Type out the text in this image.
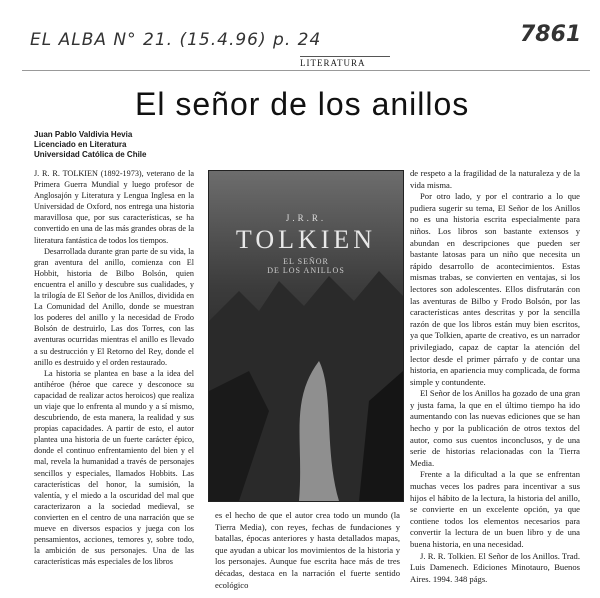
EL ALBA N° 21. (15.4.96) p. 24	7861
LITERATURA
El señor de los anillos
Juan Pablo Valdivia Hevia
Licenciado en Literatura
Universidad Católica de Chile

J. R. R. TOLKIEN (1892-1973), veterano de la Primera Guerra Mundial y luego profesor de Anglosajón y Literatura y Lengua Inglesa en la Universidad de Oxford, nos entrega una historia maravillosa que, por sus características, se ha convertido en una de las más grandes obras de la literatura fantástica de todos los tiempos.

Desarrollada durante gran parte de su vida, la gran aventura del anillo, comienza con El Hobbit, historia de Bilbo Bolsón, quien encuentra el anillo y descubre sus cualidades, y la trilogía de El Señor de los Anillos, dividida en La Comunidad del Anillo, donde se muestran los poderes del anillo y la necesidad de Frodo Bolsón de destruirlo, Las dos Torres, con las aventuras ocurridas mientras el anillo es llevado a su destrucción y El Retorno del Rey, donde el anillo es destruido y el orden restaurado.

La historia se plantea en base a la idea del antihéroe (héroe que carece y desconoce su capacidad de realizar actos heroicos) que realiza un viaje que lo enfrenta al mundo y a sí mismo, descubriendo, de esta manera, la realidad y sus propias capacidades. A partir de esto, el autor plantea una historia de un fuerte carácter épico, donde el continuo enfrentamiento del bien y el mal, revela la humanidad a través de personajes sencillos y especiales, llamados Hobbits. Las características del honor, la sumisión, la valentía, y el miedo a la oscuridad del mal que caracterizaron a la sociedad medieval, se convierten en el centro de una narración que se mueve en diversos espacios y juega con los pensamientos, acciones, temores y, sobre todo, la ambición de sus personajes. Una de las características más especiales de los libros

J.R.R.
TOLKIEN
EL SEÑOR
DE LOS ANILLOS

es el hecho de que el autor crea todo un mundo (la Tierra Media), con reyes, fechas de fundaciones y batallas, épocas anteriores y hasta detallados mapas, que ayudan a ubicar los movimientos de la historia y los personajes. Aunque fue escrita hace más de tres décadas, destaca en la narración el fuerte sentido ecológico

de respeto a la fragilidad de la naturaleza y de la vida misma.

Por otro lado, y por el contrario a lo que pudiera sugerir su tema, El Señor de los Anillos no es una historia escrita especialmente para niños. Los libros son bastante extensos y abundan en descripciones que pueden ser bastante latosas para un niño que necesita un rápido desarrollo de acontecimientos. Estas mismas trabas, se convierten en ventajas, si los lectores son adolescentes. Ellos disfrutarán con las aventuras de Bilbo y Frodo Bolsón, por las características antes descritas y por la sencilla razón de que los libros están muy bien escritos, ya que Tolkien, aparte de creativo, es un narrador privilegiado, capaz de captar la atención del lector desde el primer párrafo y de contar una historia, en apariencia muy complicada, de forma simple y contundente.

El Señor de los Anillos ha gozado de una gran y justa fama, la que en el último tiempo ha ido aumentando con las nuevas ediciones que se han hecho y por la publicación de otros textos del autor, como sus cuentos inconclusos, y de una serie de historias relacionadas con la Tierra Media.

Frente a la dificultad a la que se enfrentan muchas veces los padres para incentivar a sus hijos el hábito de la lectura, la historia del anillo, se convierte en un excelente opción, ya que contiene todos los elementos necesarios para convertir la lectura de un buen libro y de una buena historia, en una necesidad.

J. R. R. Tolkien. El Señor de los Anillos. Trad. Luis Damenech. Ediciones Minotauro, Buenos Aires. 1994. 348 págs.
